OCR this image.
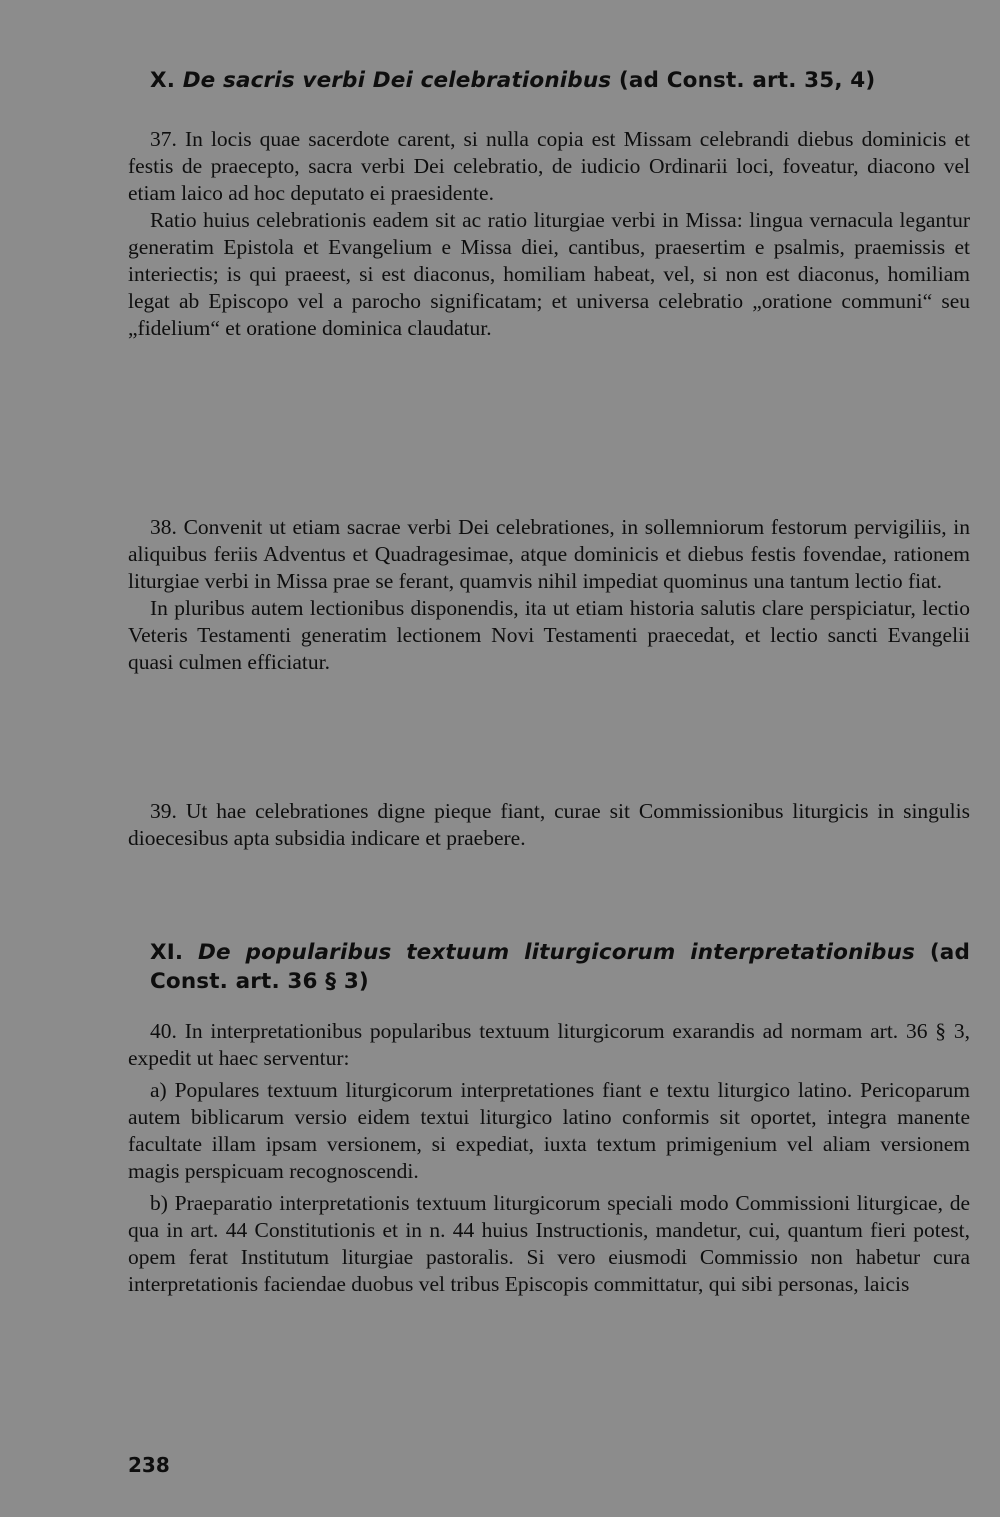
X. De sacris verbi Dei celebrationibus (ad Const. art. 35, 4)

37. In locis quae sacerdote carent, si nulla copia est Missam celebrandi diebus dominicis et festis de praecepto, sacra verbi Dei celebratio, de iudicio Ordinarii loci, foveatur, diacono vel etiam laico ad hoc deputato ei praesidente.

Ratio huius celebrationis eadem sit ac ratio liturgiae verbi in Missa: lingua vernacula legantur generatim Epistola et Evangelium e Missa diei, cantibus, praesertim e psalmis, praemissis et interiectis; is qui praeest, si est diaconus, homiliam habeat, vel, si non est diaconus, homiliam legat ab Episcopo vel a parocho significatam; et universa celebratio „oratione communi“ seu „fidelium“ et oratione dominica claudatur.

38. Convenit ut etiam sacrae verbi Dei celebrationes, in sollemniorum festorum pervigiliis, in aliquibus feriis Adventus et Quadragesimae, atque dominicis et diebus festis fovendae, rationem liturgiae verbi in Missa prae se ferant, quamvis nihil impediat quominus una tantum lectio fiat.

In pluribus autem lectionibus disponendis, ita ut etiam historia salutis clare perspiciatur, lectio Veteris Testamenti generatim lectionem Novi Testamenti praecedat, et lectio sancti Evangelii quasi culmen efficiatur.

39. Ut hae celebrationes digne pieque fiant, curae sit Commissionibus liturgicis in singulis dioecesibus apta subsidia indicare et praebere.

XI. De popularibus textuum liturgicorum interpretationibus (ad Const. art. 36 § 3)

40. In interpretationibus popularibus textuum liturgicorum exarandis ad normam art. 36 § 3, expedit ut haec serventur:

a) Populares textuum liturgicorum interpretationes fiant e textu liturgico latino. Pericoparum autem biblicarum versio eidem textui liturgico latino conformis sit oportet, integra manente facultate illam ipsam versionem, si expediat, iuxta textum primigenium vel aliam versionem magis perspicuam recognoscendi.

b) Praeparatio interpretationis textuum liturgicorum speciali modo Commissioni liturgicae, de qua in art. 44 Constitutionis et in n. 44 huius Instructionis, mandetur, cui, quantum fieri potest, opem ferat Institutum liturgiae pastoralis. Si vero eiusmodi Commissio non habetur cura interpretationis faciendae duobus vel tribus Episcopis committatur, qui sibi personas, laicis

238
